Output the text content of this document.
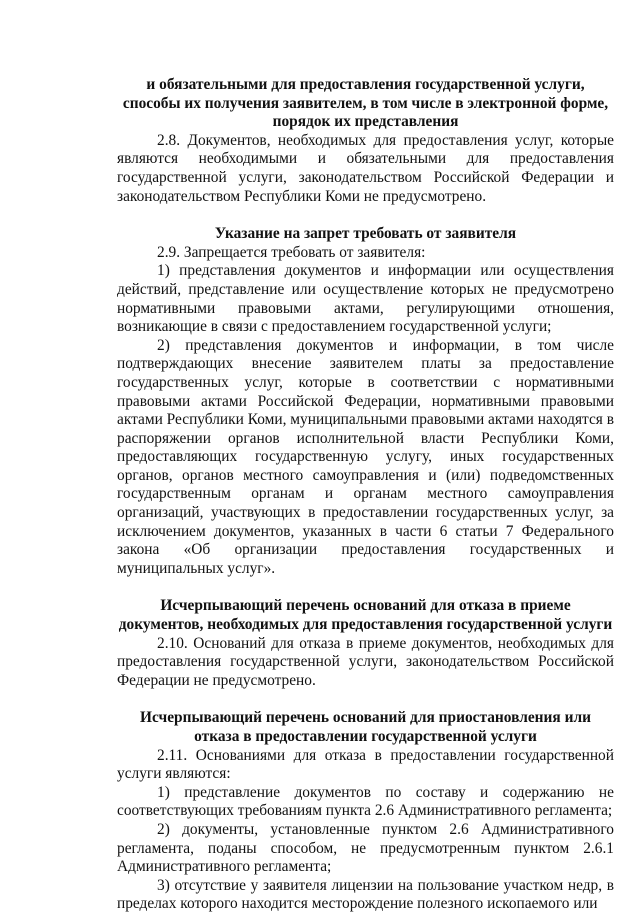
и обязательными для предоставления государственной услуги, способы их получения заявителем, в том числе в электронной форме, порядок их представления

2.8. Документов, необходимых для предоставления услуг, которые являются необходимыми и обязательными для предоставления государственной услуги, законодательством Российской Федерации и законодательством Республики Коми не предусмотрено.

Указание на запрет требовать от заявителя

2.9. Запрещается требовать от заявителя:

1) представления документов и информации или осуществления действий, представление или осуществление которых не предусмотрено нормативными правовыми актами, регулирующими отношения, возникающие в связи с предоставлением государственной услуги;

2) представления документов и информации, в том числе подтверждающих внесение заявителем платы за предоставление государственных услуг, которые в соответствии с нормативными правовыми актами Российской Федерации, нормативными правовыми актами Республики Коми, муниципальными правовыми актами находятся в распоряжении органов исполнительной власти Республики Коми, предоставляющих государственную услугу, иных государственных органов, органов местного самоуправления и (или) подведомственных государственным органам и органам местного самоуправления организаций, участвующих в предоставлении государственных услуг, за исключением документов, указанных в части 6 статьи 7 Федерального закона «Об организации предоставления государственных и муниципальных услуг».

Исчерпывающий перечень оснований для отказа в приеме документов, необходимых для предоставления государственной услуги

2.10. Оснований для отказа в приеме документов, необходимых для предоставления государственной услуги, законодательством Российской Федерации не предусмотрено.

Исчерпывающий перечень оснований для приостановления или отказа в предоставлении государственной услуги

2.11. Основаниями для отказа в предоставлении государственной услуги являются:

1) представление документов по составу и содержанию не соответствующих требованиям пункта 2.6 Административного регламента;

2) документы, установленные пунктом 2.6 Административного регламента, поданы способом, не предусмотренным пунктом 2.6.1 Административного регламента;

3) отсутствие у заявителя лицензии на пользование участком недр, в пределах которого находится месторождение полезного ископаемого или
